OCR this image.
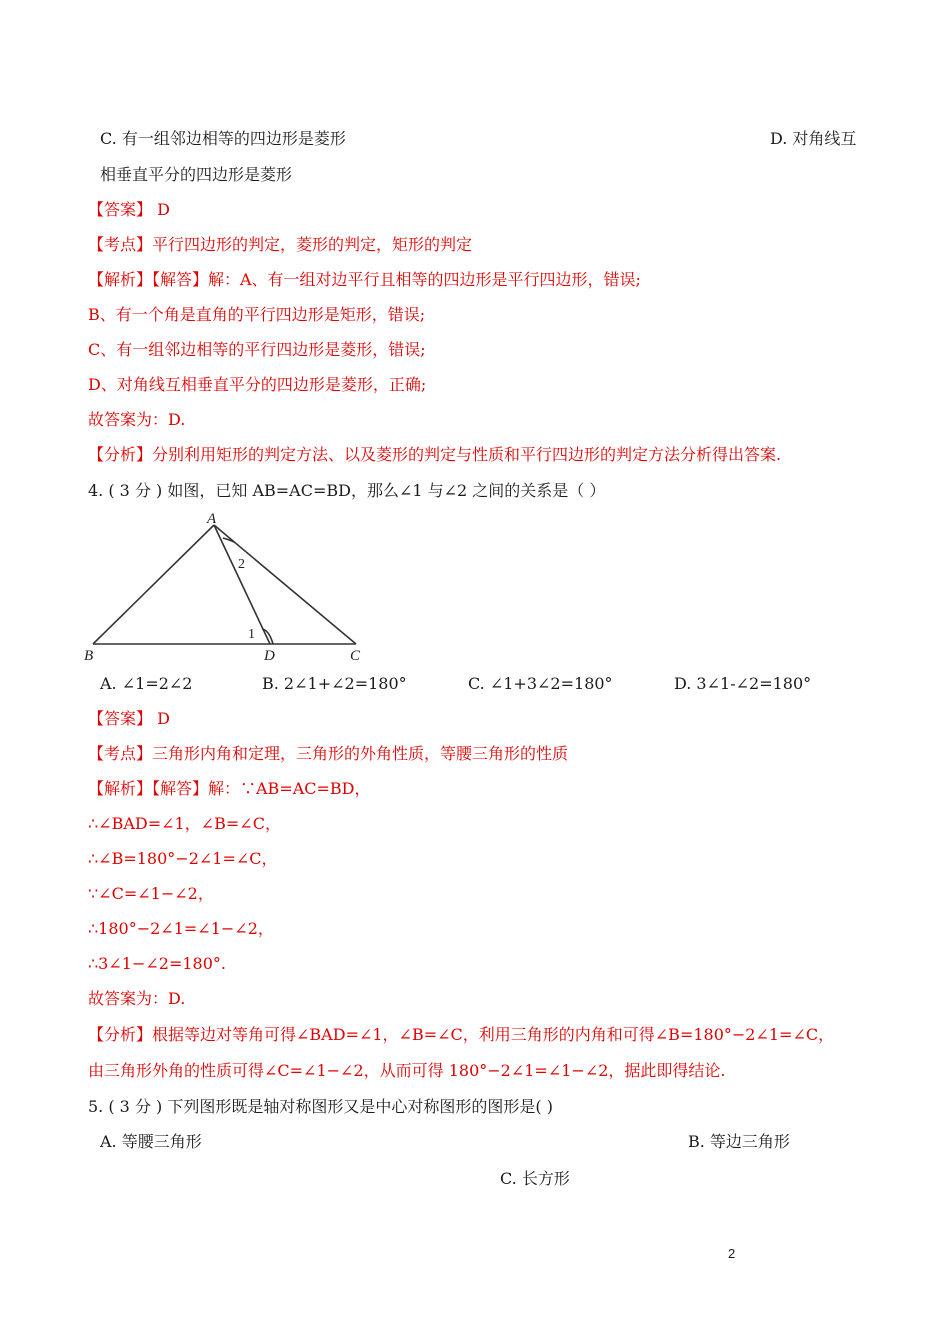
C. 有一组邻边相等的四边形是菱形	D. 对角线互
相垂直平分的四边形是菱形
【答案】 D
【考点】平行四边形的判定，菱形的判定，矩形的判定
【解析】【解答】解：A、有一组对边平行且相等的四边形是平行四边形，错误;
B、有一个角是直角的平行四边形是矩形，错误;
C、有一组邻边相等的平行四边形是菱形，错误;
D、对角线互相垂直平分的四边形是菱形，正确;
故答案为：D.
【分析】分别利用矩形的判定方法、以及菱形的判定与性质和平行四边形的判定方法分析得出答案.
4. ( 3 分 ) 如图，已知 AB=AC=BD，那么∠1 与∠2 之间的关系是（ ）
A
B	D	C
2
1
A. ∠1=2∠2	B. 2∠1+∠2=180°	C. ∠1+3∠2=180°	D. 3∠1-∠2=180°
【答案】 D
【考点】三角形内角和定理，三角形的外角性质，等腰三角形的性质
【解析】【解答】解：∵AB=AC=BD，
∴∠BAD=∠1，∠B=∠C，
∴∠B=180°−2∠1=∠C，
∵∠C=∠1−∠2，
∴180°−2∠1=∠1−∠2，
∴3∠1−∠2=180°.
故答案为：D.
【分析】根据等边对等角可得∠BAD=∠1，∠B=∠C，利用三角形的内角和可得∠B=180°−2∠1=∠C，
由三角形外角的性质可得∠C=∠1−∠2，从而可得 180°−2∠1=∠1−∠2，据此即得结论.
5. ( 3 分 ) 下列图形既是轴对称图形又是中心对称图形的图形是( )
A. 等腰三角形	B. 等边三角形
C. 长方形
2
